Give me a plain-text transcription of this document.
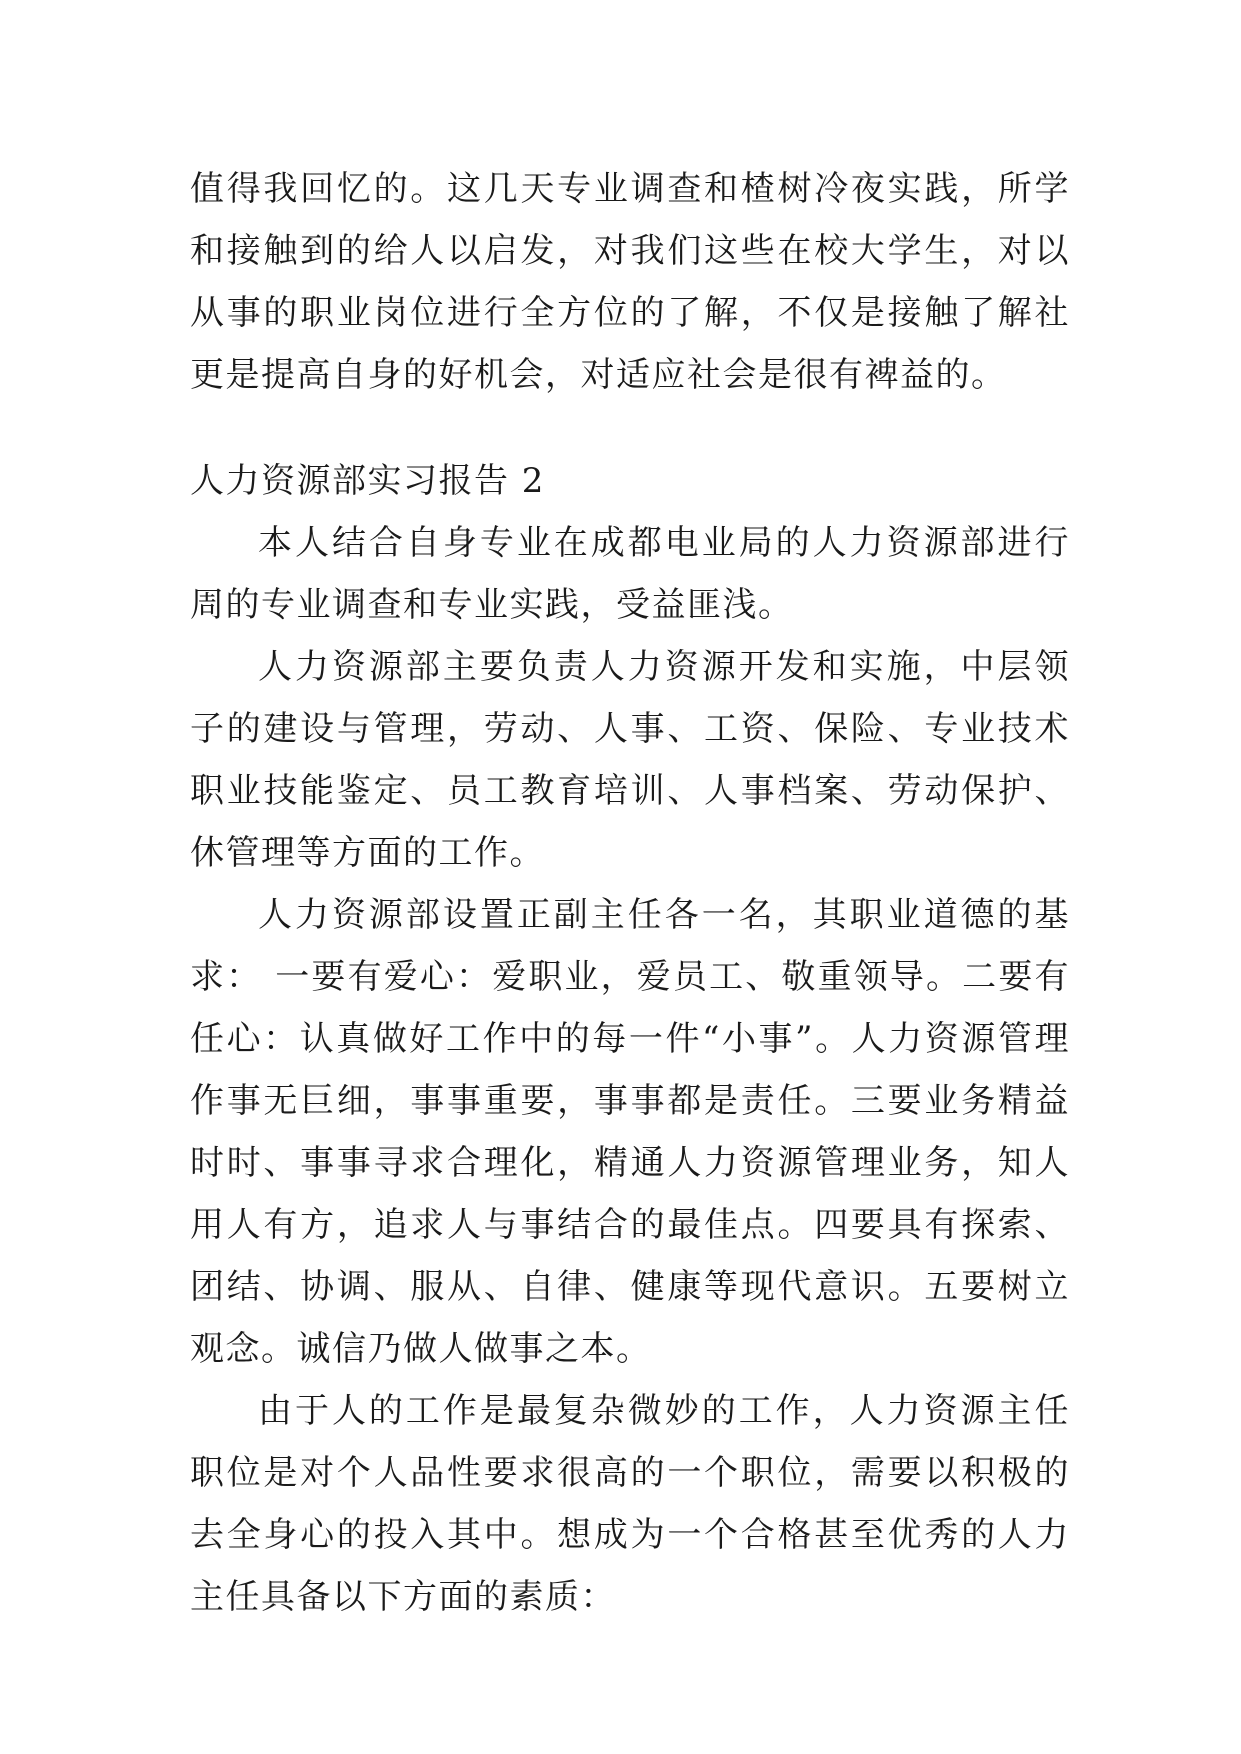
值得我回忆的。这几天专业调查和楂树冷夜实践，所学
和接触到的给人以启发，对我们这些在校大学生，对以
从事的职业岗位进行全方位的了解，不仅是接触了解社
更是提高自身的好机会，对适应社会是很有裨益的。
人力资源部实习报告 2
本人结合自身专业在成都电业局的人力资源部进行
周的专业调查和专业实践，受益匪浅。
人力资源部主要负责人力资源开发和实施，中层领
子的建设与管理，劳动、人事、工资、保险、专业技术
职业技能鉴定、员工教育培训、人事档案、劳动保护、
休管理等方面的工作。
人力资源部设置正副主任各一名，其职业道德的基
求： 一要有爱心：爱职业，爱员工、敬重领导。二要有
任心：认真做好工作中的每一件“小事”。人力资源管理
作事无巨细，事事重要，事事都是责任。三要业务精益
时时、事事寻求合理化，精通人力资源管理业务，知人
用人有方，追求人与事结合的最佳点。四要具有探索、
团结、协调、服从、自律、健康等现代意识。五要树立
观念。诚信乃做人做事之本。
由于人的工作是最复杂微妙的工作，人力资源主任
职位是对个人品性要求很高的一个职位，需要以积极的
去全身心的投入其中。想成为一个合格甚至优秀的人力
主任具备以下方面的素质：
